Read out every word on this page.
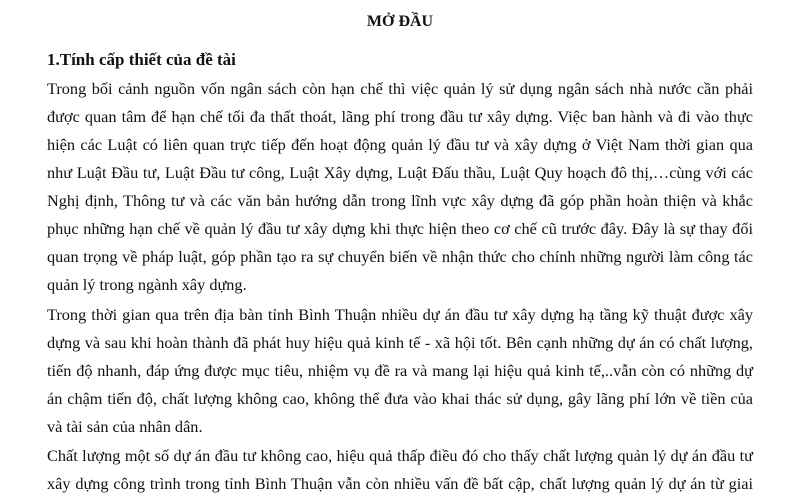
MỞ ĐẦU
1.Tính cấp thiết của đề tài
Trong bối cảnh nguồn vốn ngân sách còn hạn chế thì việc quản lý sử dụng ngân sách nhà nước cần phải
được quan tâm để hạn chế tối đa thất thoát, lãng phí trong đầu tư xây dựng. Việc ban hành và đi vào thực
hiện các Luật có liên quan trực tiếp đến hoạt động quản lý đầu tư và xây dựng ở Việt Nam thời gian qua
như Luật Đầu tư, Luật Đầu tư công, Luật Xây dựng, Luật Đấu thầu, Luật Quy hoạch đô thị,…cùng với các
Nghị định, Thông tư và các văn bản hướng dẫn trong lĩnh vực xây dựng đã góp phần hoàn thiện và khắc
phục những hạn chế về quản lý đầu tư xây dựng khi thực hiện theo cơ chế cũ trước đây. Đây là sự thay đổi
quan trọng về pháp luật, góp phần tạo ra sự chuyển biến về nhận thức cho chính những người làm công tác
quản lý trong ngành xây dựng.
Trong thời gian qua trên địa bàn tỉnh Bình Thuận nhiều dự án đầu tư xây dựng hạ tầng kỹ thuật được xây
dựng và sau khi hoàn thành đã phát huy hiệu quả kinh tế - xã hội tốt. Bên cạnh những dự án có chất lượng,
tiến độ nhanh, đáp ứng được mục tiêu, nhiệm vụ đề ra và mang lại hiệu quả kinh tế,..vẫn còn có những dự
án chậm tiến độ, chất lượng không cao, không thể đưa vào khai thác sử dụng, gây lãng phí lớn về tiền của
và tài sản của nhân dân.
Chất lượng một số dự án đầu tư không cao, hiệu quả thấp điều đó cho thấy chất lượng quản lý dự án đầu tư
xây dựng công trình trong tỉnh Bình Thuận vẫn còn nhiều vấn đề bất cập, chất lượng quản lý dự án từ giai
